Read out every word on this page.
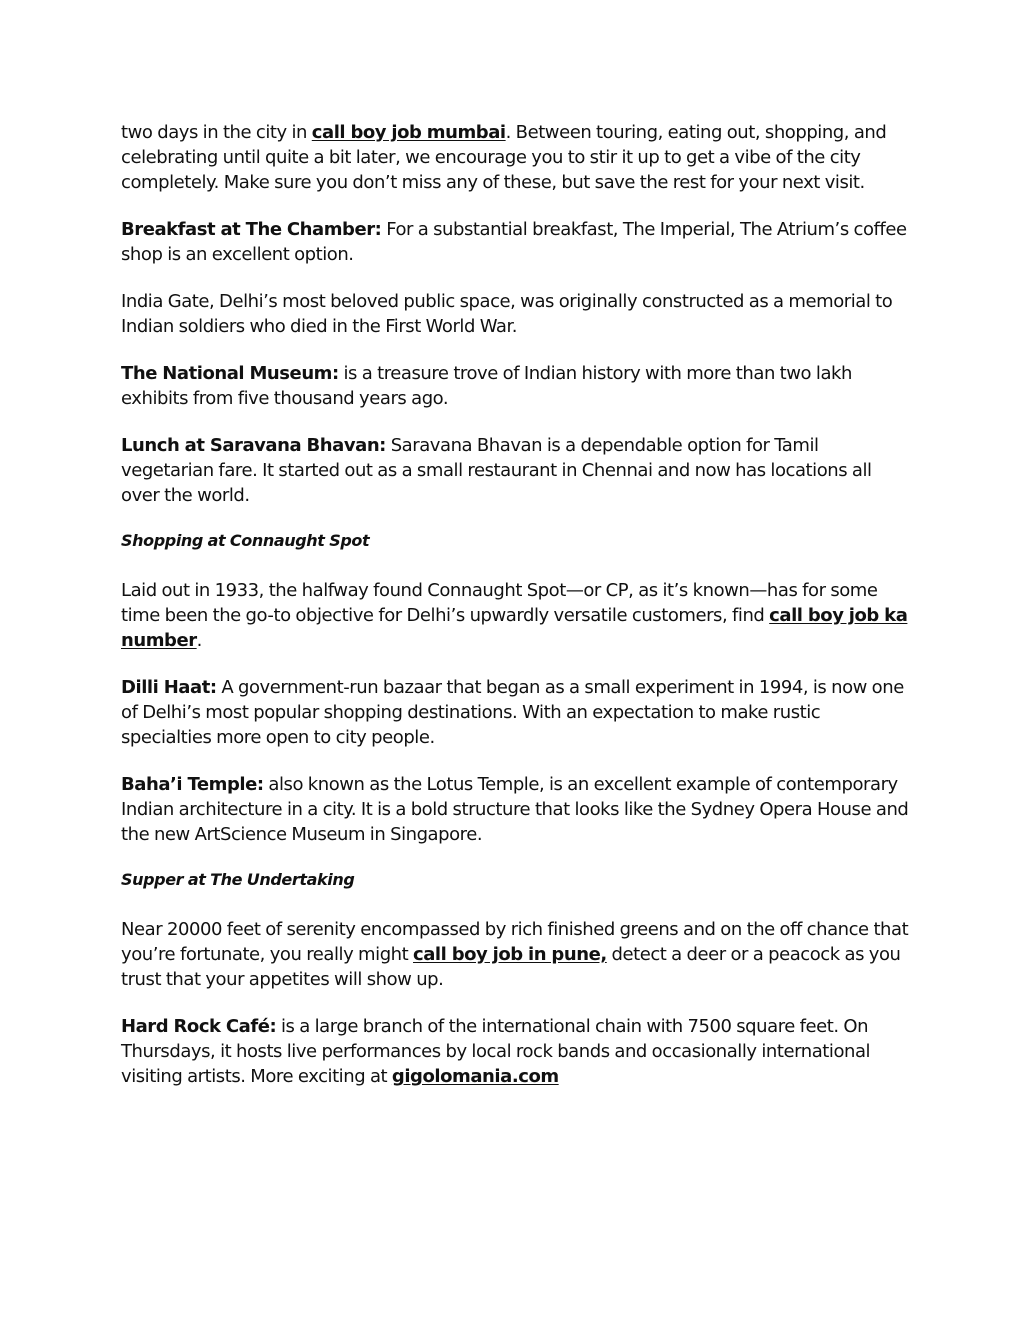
two days in the city in call boy job mumbai. Between touring, eating out, shopping, and celebrating until quite a bit later, we encourage you to stir it up to get a vibe of the city completely. Make sure you don’t miss any of these, but save the rest for your next visit.

Breakfast at The Chamber: For a substantial breakfast, The Imperial, The Atrium’s coffee shop is an excellent option.

India Gate, Delhi’s most beloved public space, was originally constructed as a memorial to Indian soldiers who died in the First World War.

The National Museum: is a treasure trove of Indian history with more than two lakh exhibits from five thousand years ago.

Lunch at Saravana Bhavan: Saravana Bhavan is a dependable option for Tamil vegetarian fare. It started out as a small restaurant in Chennai and now has locations all over the world.

Shopping at Connaught Spot

Laid out in 1933, the halfway found Connaught Spot—or CP, as it’s known—has for some time been the go-to objective for Delhi’s upwardly versatile customers, find call boy job ka number.

Dilli Haat: A government-run bazaar that began as a small experiment in 1994, is now one of Delhi’s most popular shopping destinations. With an expectation to make rustic specialties more open to city people.

Baha’i Temple: also known as the Lotus Temple, is an excellent example of contemporary Indian architecture in a city. It is a bold structure that looks like the Sydney Opera House and the new ArtScience Museum in Singapore.

Supper at The Undertaking

Near 20000 feet of serenity encompassed by rich finished greens and on the off chance that you’re fortunate, you really might call boy job in pune, detect a deer or a peacock as you trust that your appetites will show up.

Hard Rock Café: is a large branch of the international chain with 7500 square feet. On Thursdays, it hosts live performances by local rock bands and occasionally international visiting artists. More exciting at gigolomania.com
